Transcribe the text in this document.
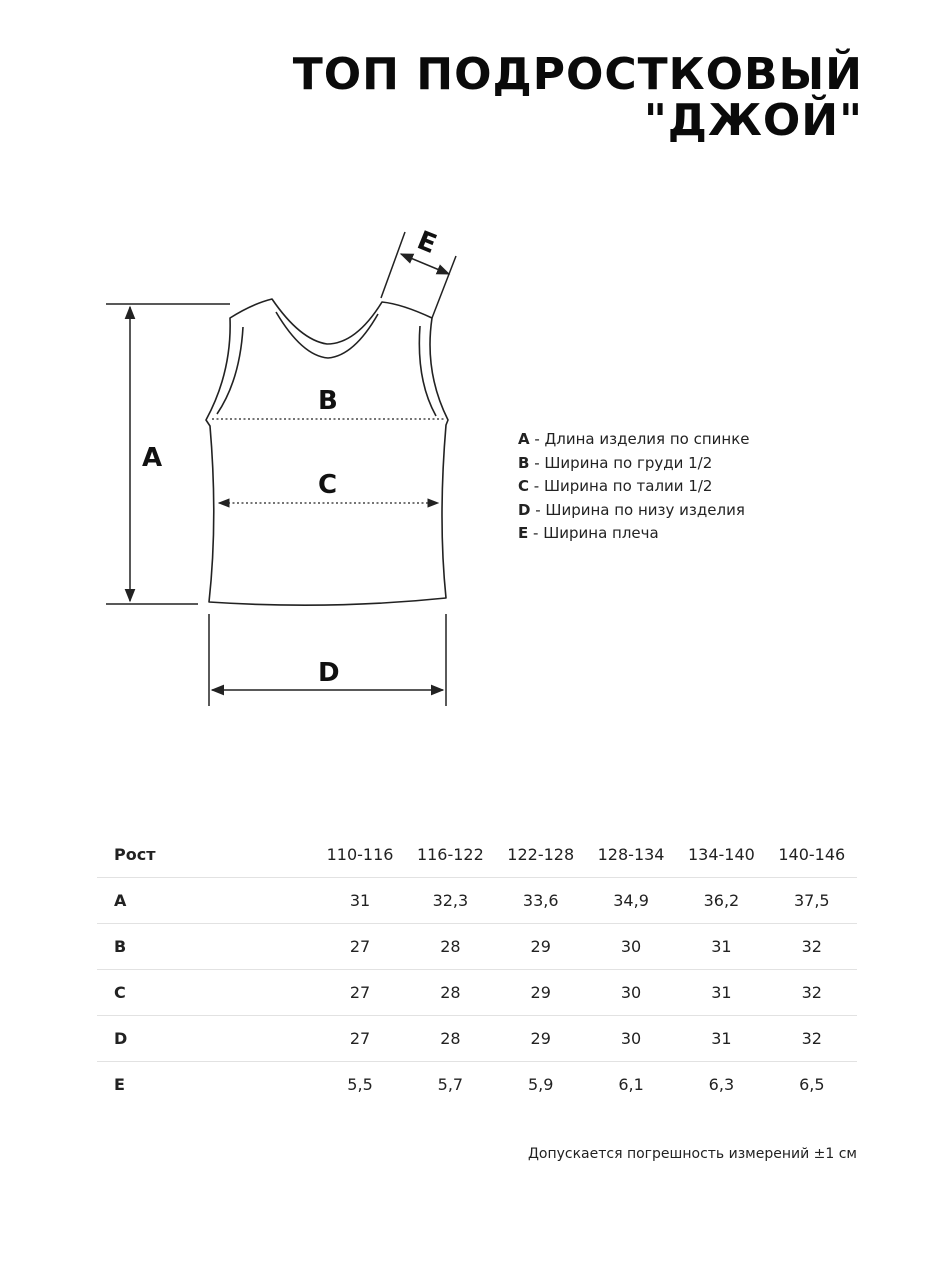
ТОП ПОДРОСТКОВЫЙ
"ДЖОЙ"
A
B
C
D
E
A - Длина изделия по спинке
B - Ширина по груди 1/2
C - Ширина по талии 1/2
D - Ширина по низу изделия
E - Ширина плеча
Рост	110-116	116-122	122-128	128-134	134-140	140-146
A	31	32,3	33,6	34,9	36,2	37,5
B	27	28	29	30	31	32
C	27	28	29	30	31	32
D	27	28	29	30	31	32
E	5,5	5,7	5,9	6,1	6,3	6,5
Допускается погрешность измерений ±1 см
